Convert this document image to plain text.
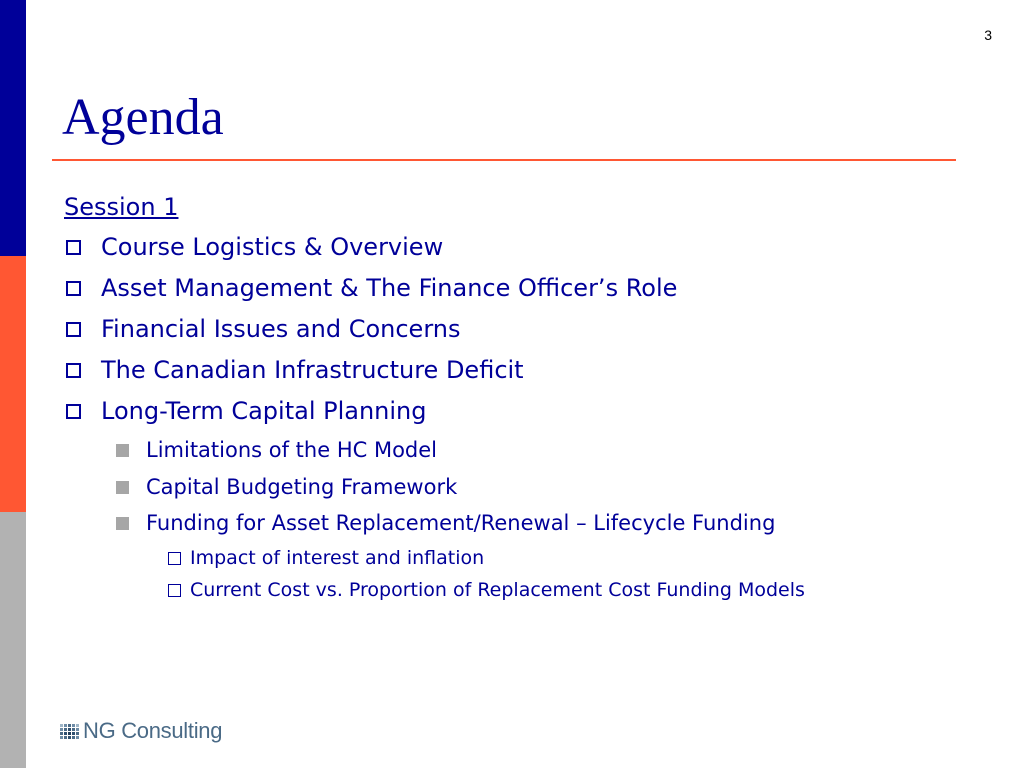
3
Agenda
Session 1
Course Logistics & Overview
Asset Management & The Finance Officer’s Role
Financial Issues and Concerns
The Canadian Infrastructure Deficit
Long-Term Capital Planning
Limitations of the HC Model
Capital Budgeting Framework
Funding for Asset Replacement/Renewal – Lifecycle Funding
Impact of interest and inflation
Current Cost vs. Proportion of Replacement Cost Funding Models
NG Consulting
